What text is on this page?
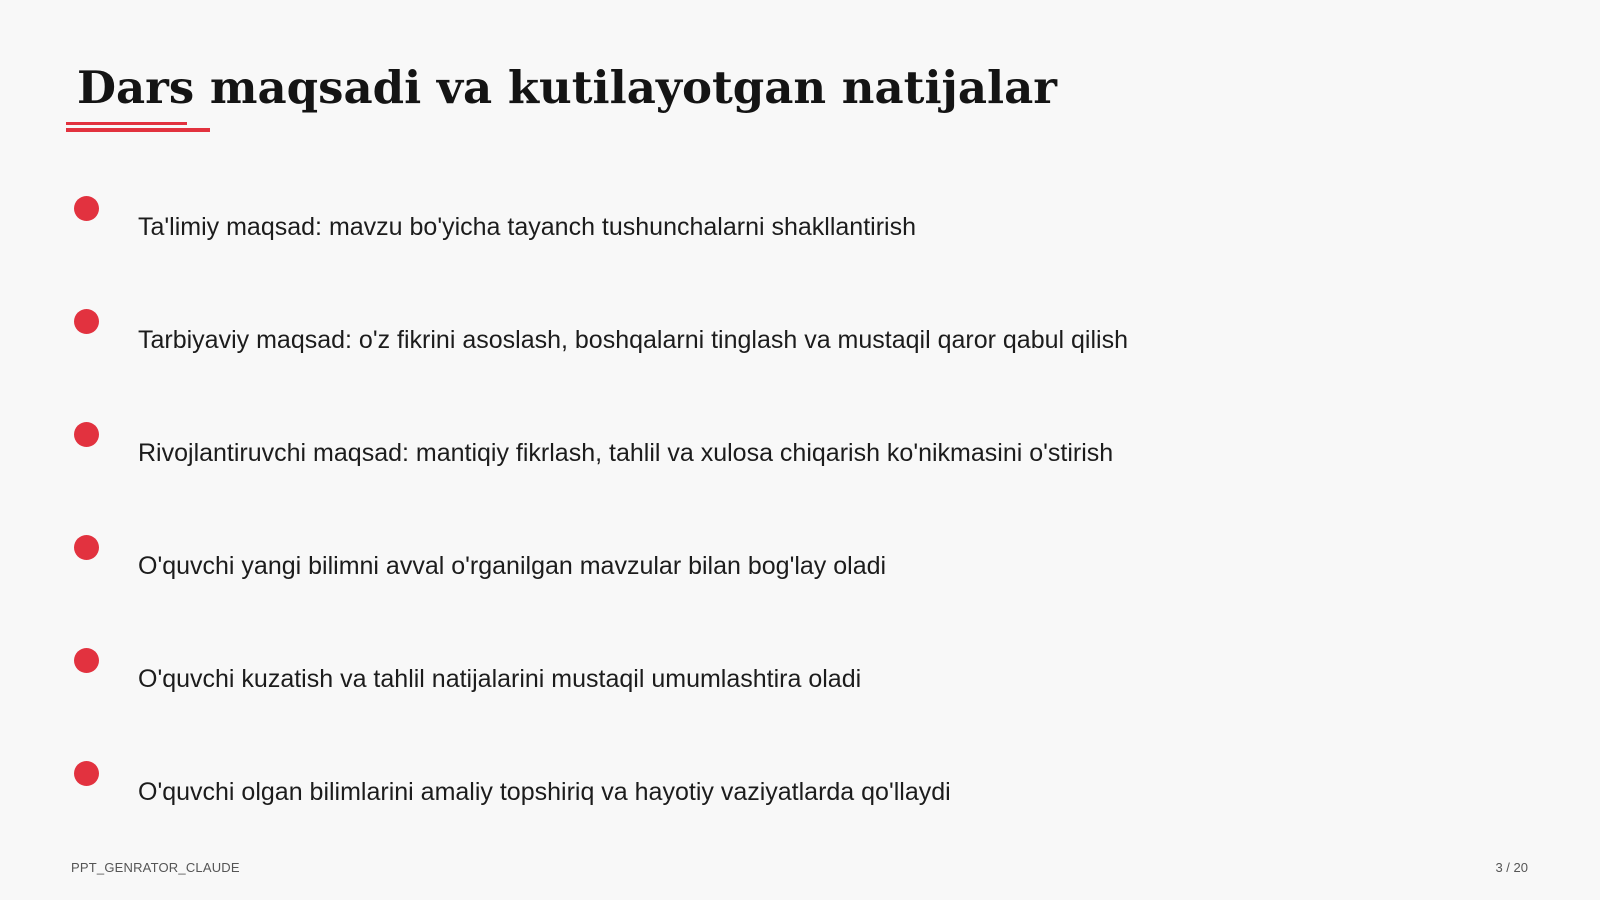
Dars maqsadi va kutilayotgan natijalar
Ta'limiy maqsad: mavzu bo'yicha tayanch tushunchalarni shakllantirish
Tarbiyaviy maqsad: o'z fikrini asoslash, boshqalarni tinglash va mustaqil qaror qabul qilish
Rivojlantiruvchi maqsad: mantiqiy fikrlash, tahlil va xulosa chiqarish ko'nikmasini o'stirish
O'quvchi yangi bilimni avval o'rganilgan mavzular bilan bog'lay oladi
O'quvchi kuzatish va tahlil natijalarini mustaqil umumlashtira oladi
O'quvchi olgan bilimlarini amaliy topshiriq va hayotiy vaziyatlarda qo'llaydi
PPT_GENRATOR_CLAUDE	3 / 20
